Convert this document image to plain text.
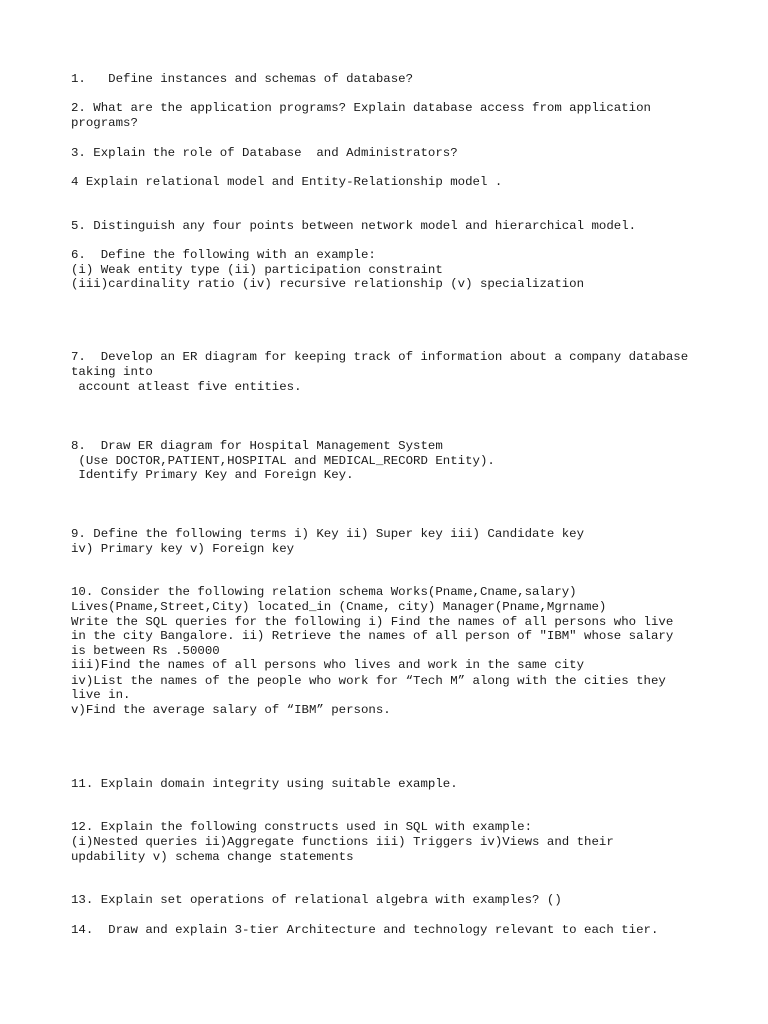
1.   Define instances and schemas of database?
2. What are the application programs? Explain database access from application
programs?
3. Explain the role of Database  and Administrators?
4 Explain relational model and Entity-Relationship model .
5. Distinguish any four points between network model and hierarchical model.
6.  Define the following with an example:
(i) Weak entity type (ii) participation constraint
(iii)cardinality ratio (iv) recursive relationship (v) specialization
7.  Develop an ER diagram for keeping track of information about a company database
taking into
account atleast five entities.
8.  Draw ER diagram for Hospital Management System
(Use DOCTOR,PATIENT,HOSPITAL and MEDICAL_RECORD Entity).
Identify Primary Key and Foreign Key.
9. Define the following terms i) Key ii) Super key iii) Candidate key
iv) Primary key v) Foreign key
10. Consider the following relation schema Works(Pname,Cname,salary)
Lives(Pname,Street,City) located_in (Cname, city) Manager(Pname,Mgrname)
Write the SQL queries for the following i) Find the names of all persons who live
in the city Bangalore. ii) Retrieve the names of all person of "IBM" whose salary
is between Rs .50000
iii)Find the names of all persons who lives and work in the same city
iv)List the names of the people who work for “Tech M” along with the cities they
live in.
v)Find the average salary of “IBM” persons.
11. Explain domain integrity using suitable example.
12. Explain the following constructs used in SQL with example:
(i)Nested queries ii)Aggregate functions iii) Triggers iv)Views and their
updability v) schema change statements
13. Explain set operations of relational algebra with examples? ()
14.  Draw and explain 3-tier Architecture and technology relevant to each tier.
